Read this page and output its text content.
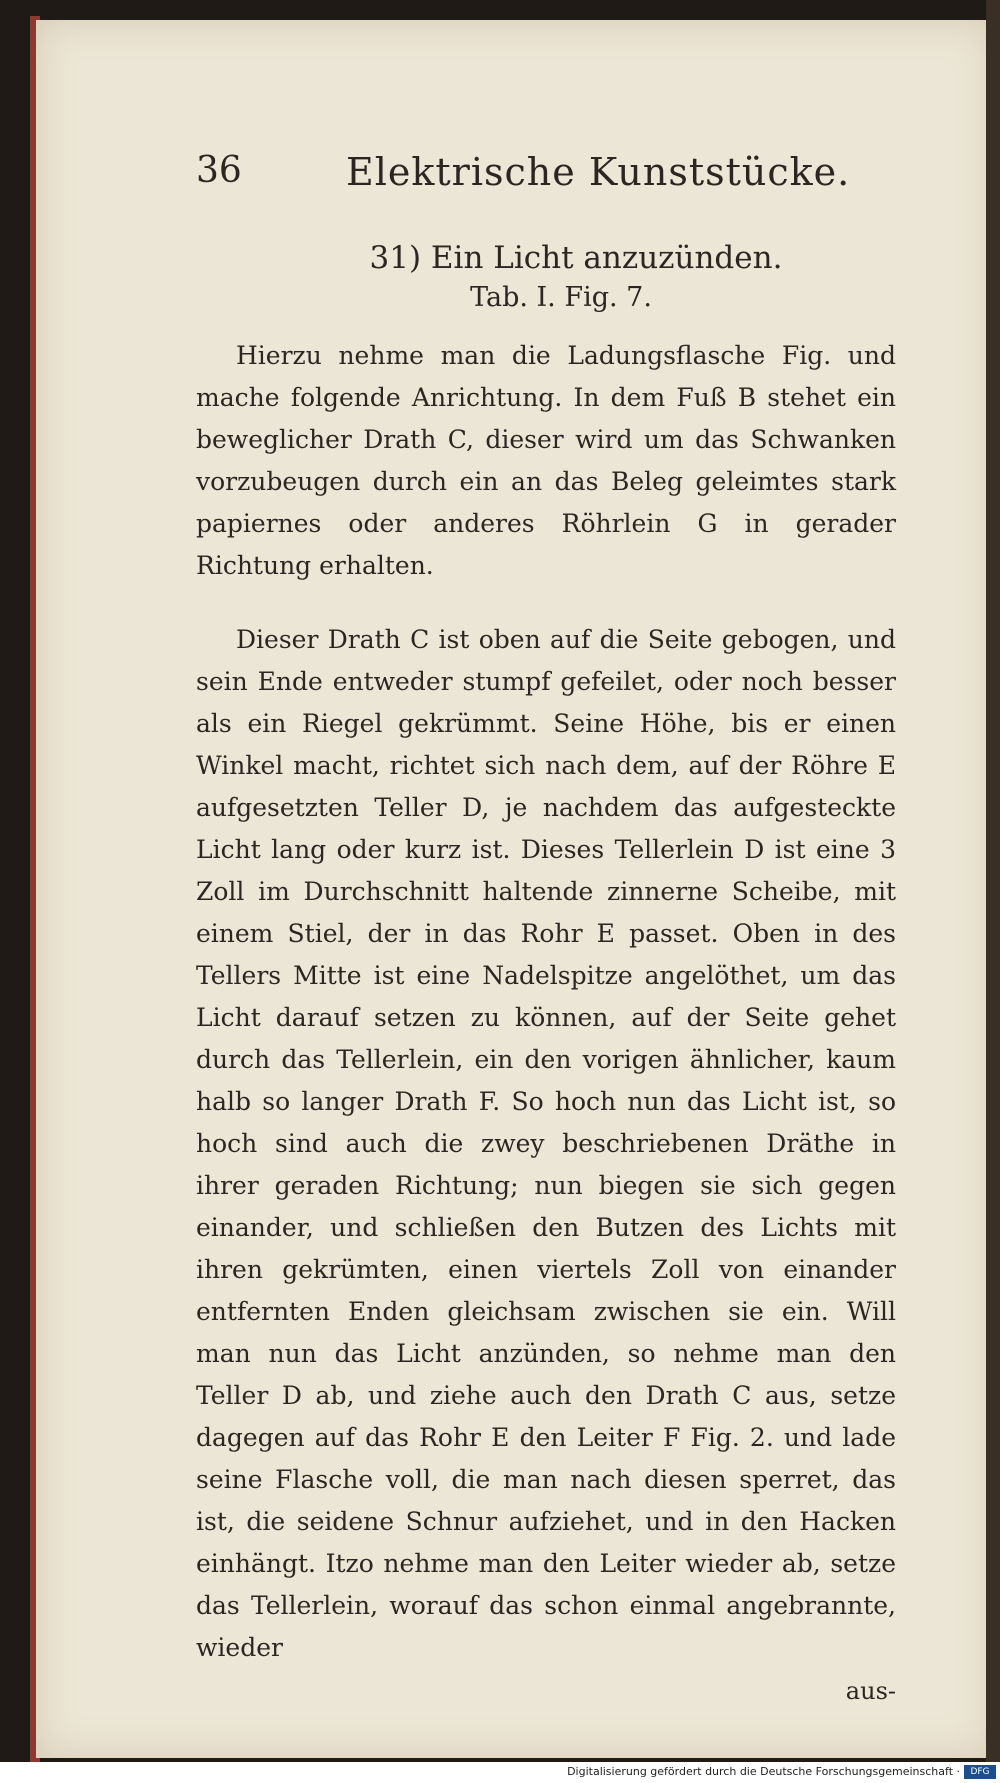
36	Elektrische Kunststücke.
31) Ein Licht anzuzünden.
Tab. I. Fig. 7.

Hierzu nehme man die Ladungsflasche Fig. und mache folgende Anrichtung. In dem Fuß B stehet ein beweglicher Drath C, dieser wird um das Schwanken vorzubeugen durch ein an das Beleg geleimtes stark papiernes oder anderes Röhrlein G in gerader Richtung erhalten.

Dieser Drath C ist oben auf die Seite gebogen, und sein Ende entweder stumpf gefeilet, oder noch besser als ein Riegel gekrümmt. Seine Höhe, bis er einen Winkel macht, richtet sich nach dem, auf der Röhre E aufgesetzten Teller D, je nachdem das aufgesteckte Licht lang oder kurz ist. Dieses Tellerlein D ist eine 3 Zoll im Durchschnitt haltende zinnerne Scheibe, mit einem Stiel, der in das Rohr E passet. Oben in des Tellers Mitte ist eine Nadelspitze angelöthet, um das Licht darauf setzen zu können, auf der Seite gehet durch das Tellerlein, ein den vorigen ähnlicher, kaum halb so langer Drath F. So hoch nun das Licht ist, so hoch sind auch die zwey beschriebenen Dräthe in ihrer geraden Richtung; nun biegen sie sich gegen einander, und schließen den Butzen des Lichts mit ihren gekrümten, einen viertels Zoll von einander entfernten Enden gleichsam zwischen sie ein. Will man nun das Licht anzünden, so nehme man den Teller D ab, und ziehe auch den Drath C aus, setze dagegen auf das Rohr E den Leiter F Fig. 2. und lade seine Flasche voll, die man nach diesen sperret, das ist, die seidene Schnur aufziehet, und in den Hacken einhängt. Itzo nehme man den Leiter wieder ab, setze das Tellerlein, worauf das schon einmal angebrannte, wieder

aus-
Digitalisierung gefördert durch die Deutsche Forschungsgemeinschaft ·	DFG
